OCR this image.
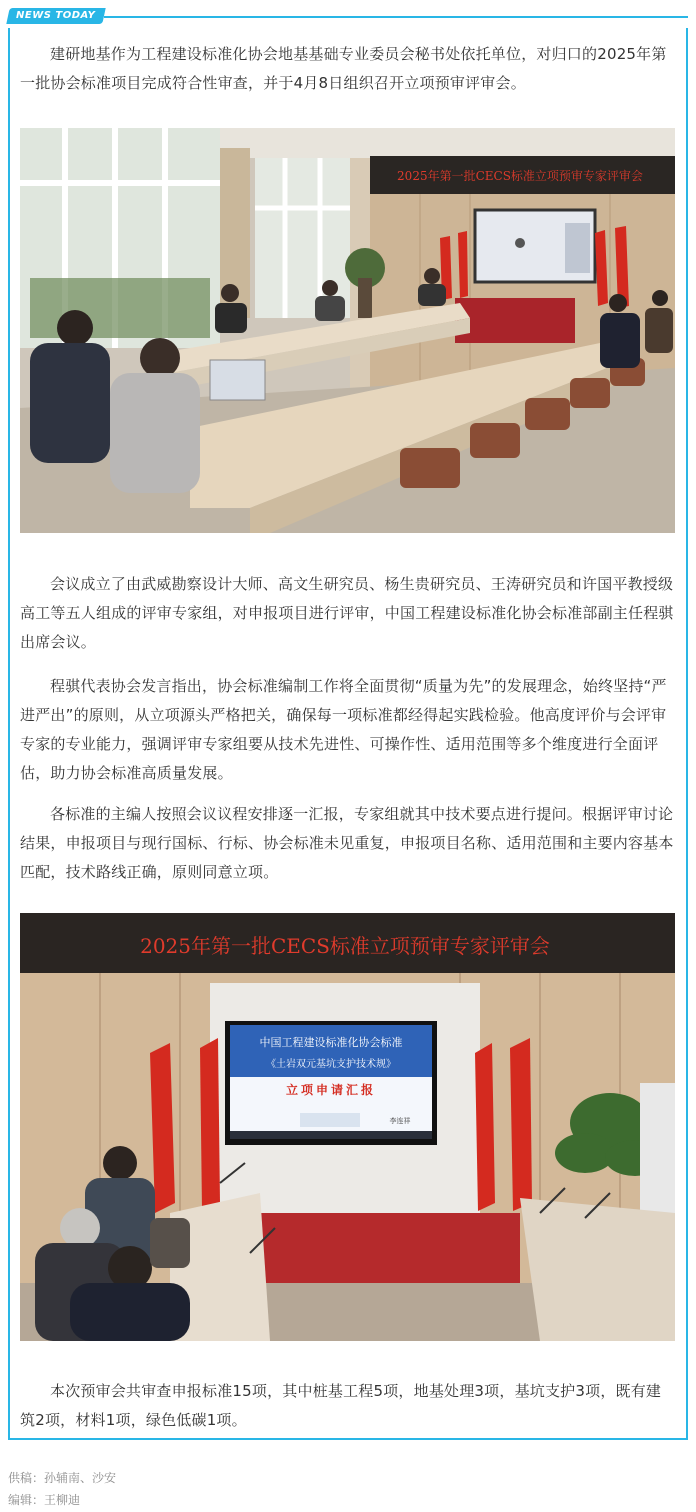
NEWS TODAY

建研地基作为工程建设标准化协会地基基础专业委员会秘书处依托单位，对归口的2025年第一批协会标准项目完成符合性审查，并于4月8日组织召开立项预审评审会。

2025年第一批CECS标准立项预审专家评审会

会议成立了由武威勘察设计大师、高文生研究员、杨生贵研究员、王涛研究员和许国平教授级高工等五人组成的评审专家组，对申报项目进行评审，中国工程建设标准化协会标准部副主任程骐出席会议。

程骐代表协会发言指出，协会标准编制工作将全面贯彻“质量为先”的发展理念，始终坚持“严进严出”的原则，从立项源头严格把关，确保每一项标准都经得起实践检验。他高度评价与会评审专家的专业能力，强调评审专家组要从技术先进性、可操作性、适用范围等多个维度进行全面评估，助力协会标准高质量发展。

各标准的主编人按照会议议程安排逐一汇报，专家组就其中技术要点进行提问。根据评审讨论结果，申报项目与现行国标、行标、协会标准未见重复，申报项目名称、适用范围和主要内容基本匹配，技术路线正确，原则同意立项。

2025年第一批CECS标准立项预审专家评审会
中国工程建设标准化协会标准
《土岩双元基坑支护技术规》
立项申请汇报
李连祥

本次预审会共审查申报标准15项，其中桩基工程5项，地基处理3项，基坑支护3项，既有建筑2项，材料1项，绿色低碳1项。

供稿：孙辅南、沙安
编辑：王柳迪
